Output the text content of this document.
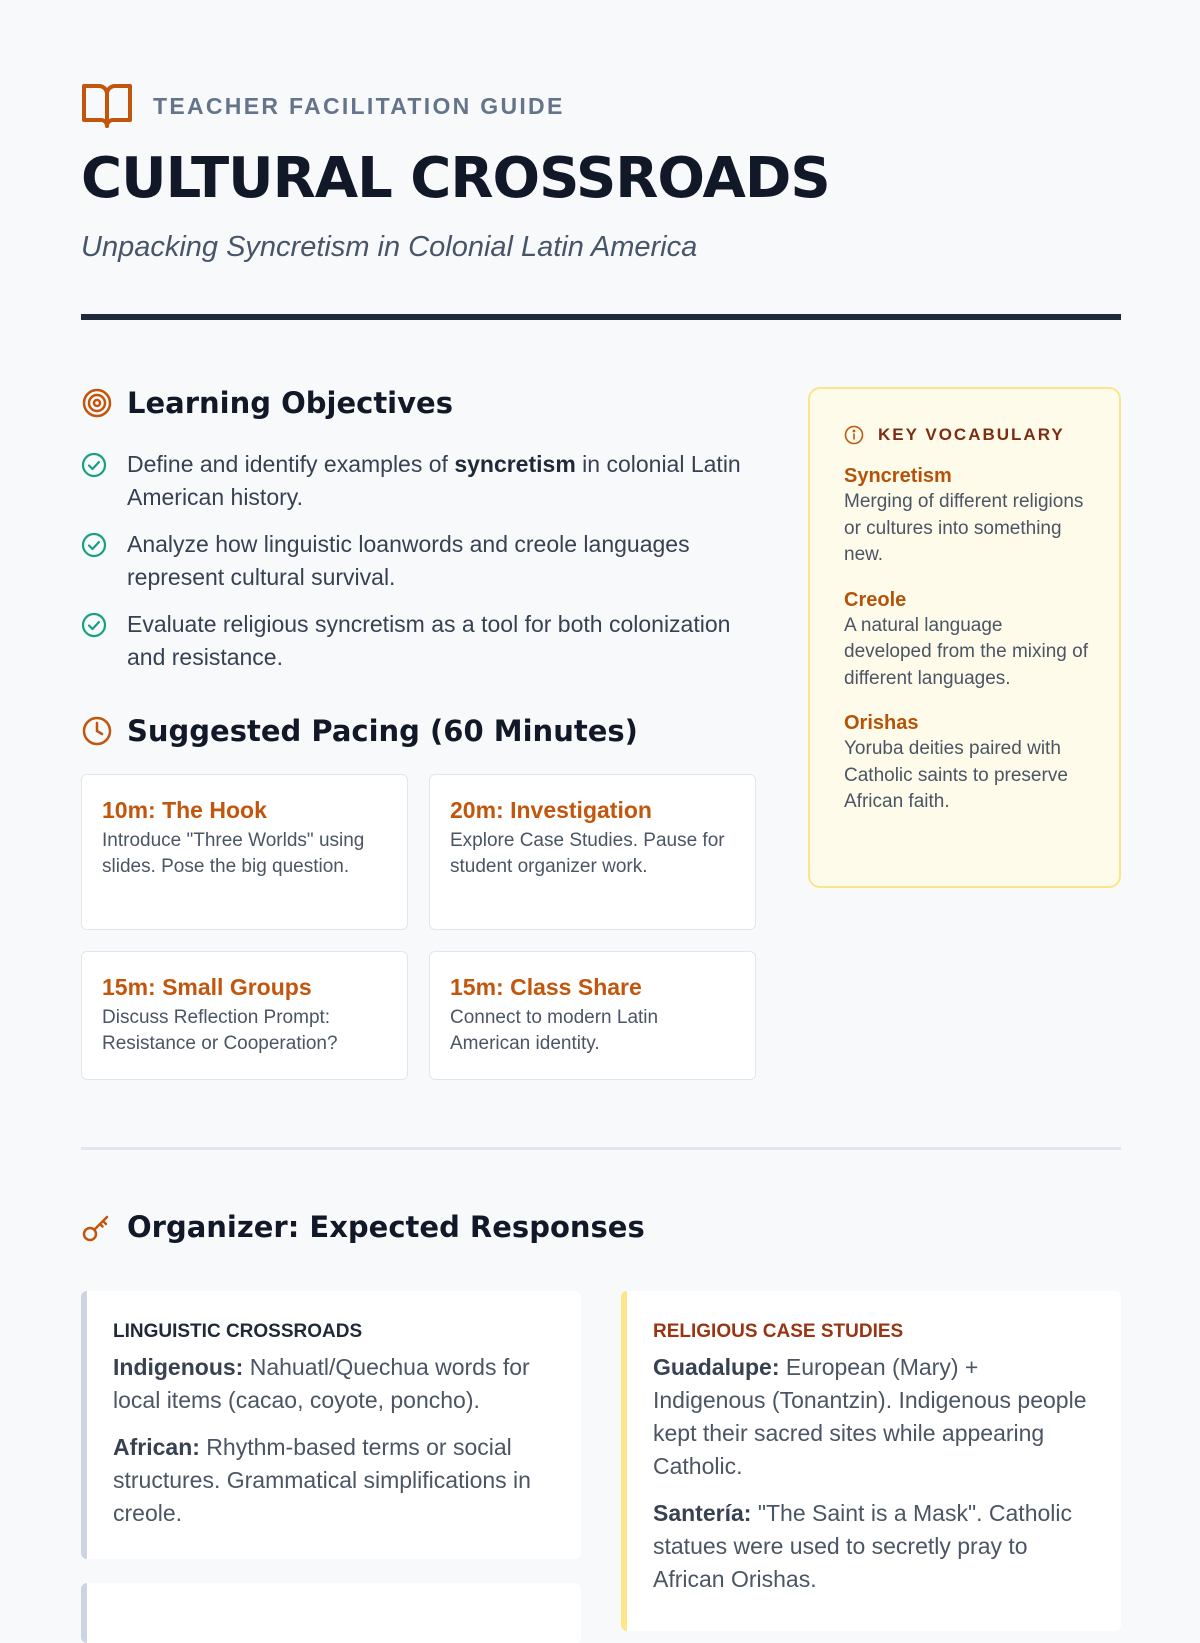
TEACHER FACILITATION GUIDE
CULTURAL CROSSROADS
Unpacking Syncretism in Colonial Latin America
Learning Objectives
Define and identify examples of syncretism in colonial Latin American history.
Analyze how linguistic loanwords and creole languages represent cultural survival.
Evaluate religious syncretism as a tool for both colonization and resistance.
Suggested Pacing (60 Minutes)
10m: The Hook
Introduce "Three Worlds" using slides. Pose the big question.
20m: Investigation
Explore Case Studies. Pause for student organizer work.
15m: Small Groups
Discuss Reflection Prompt: Resistance or Cooperation?
15m: Class Share
Connect to modern Latin American identity.
KEY VOCABULARY
Syncretism
Merging of different religions or cultures into something new.
Creole
A natural language developed from the mixing of different languages.
Orishas
Yoruba deities paired with Catholic saints to preserve African faith.
Organizer: Expected Responses
LINGUISTIC CROSSROADS
Indigenous: Nahuatl/Quechua words for local items (cacao, coyote, poncho).
African: Rhythm-based terms or social structures. Grammatical simplifications in creole.
RELIGIOUS CASE STUDIES
Guadalupe: European (Mary) + Indigenous (Tonantzin). Indigenous people kept their sacred sites while appearing Catholic.
Santería: "The Saint is a Mask". Catholic statues were used to secretly pray to African Orishas.
